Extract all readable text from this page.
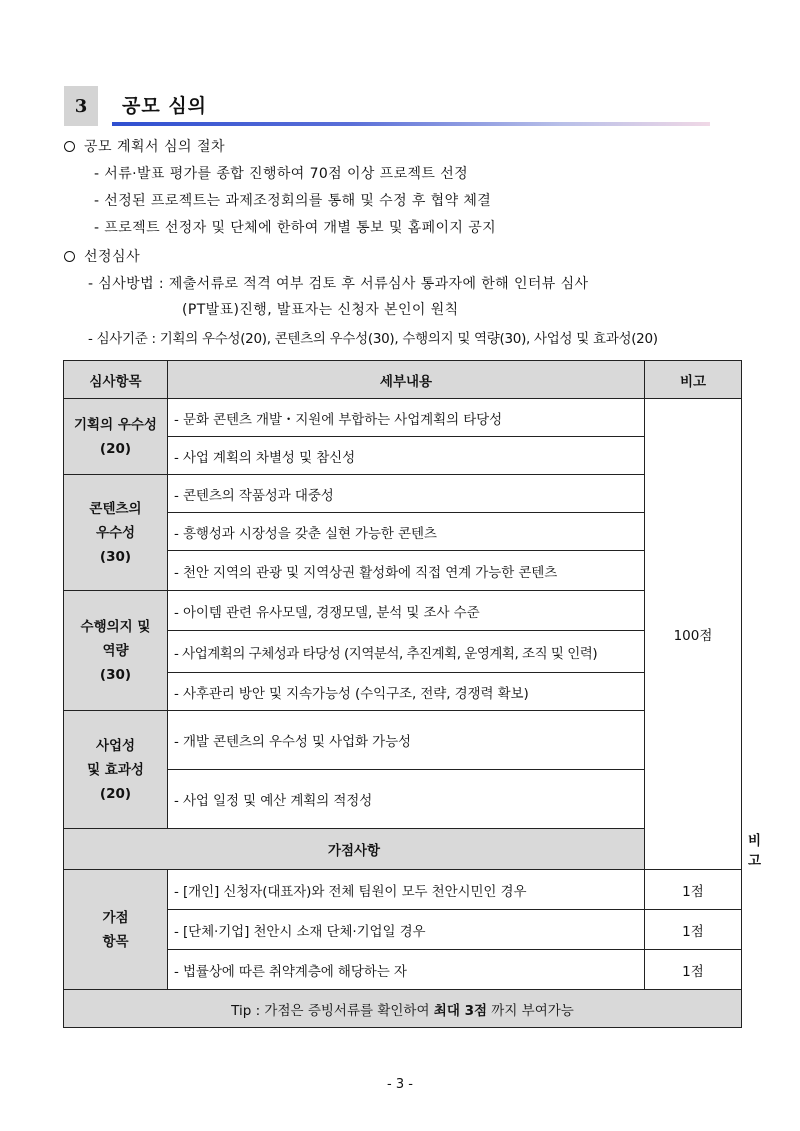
3	공모 심의
공모 계획서 심의 절차
- 서류·발표 평가를 종합 진행하여 70점 이상 프로젝트 선정
- 선정된 프로젝트는 과제조정회의를 통해 및 수정 후 협약 체결
- 프로젝트 선정자 및 단체에 한하여 개별 통보 및 홈페이지 공지
선정심사
- 심사방법 : 제출서류로 적격 여부 검토 후 서류심사 통과자에 한해 인터뷰 심사
(PT발표)진행, 발표자는 신청자 본인이 원칙
- 심사기준 : 기획의 우수성(20), 콘텐츠의 우수성(30), 수행의지 및 역량(30), 사업성 및 효과성(20)
심사항목	세부내용	비고	

기획의 우수성
(20)	- 문화 콘텐츠 개발・지원에 부합하는 사업계획의 타당성	100점	
	- 사업 계획의 차별성 및 참신성		

콘텐츠의
우수성
(30)	- 콘텐츠의 작품성과 대중성		
	- 흥행성과 시장성을 갖춘 실현 가능한 콘텐츠		
	- 천안 지역의 관광 및 지역상권 활성화에 직접 연계 가능한 콘텐츠		

수행의지 및
역량
(30)	- 아이템 관련 유사모델, 경쟁모델, 분석 및 조사 수준		
	- 사업계획의 구체성과 타당성 (지역분석, 추진계획, 운영계획, 조직 및 인력)		
	- 사후관리 방안 및 지속가능성 (수익구조, 전략, 경쟁력 확보)		

사업성
및 효과성
(20)	- 개발 콘텐츠의 우수성 및 사업화 가능성		
	- 사업 일정 및 예산 계획의 적정성		
가점사항			비고

가점
항목	- [개인] 신청자(대표자)와 전체 팀원이 모두 천안시민인 경우	1점	
	- [단체·기업] 천안시 소재 단체·기업일 경우	1점	
	- 법률상에 따른 취약계층에 해당하는 자	1점	
Tip : 가점은 증빙서류를 확인하여 최대 3점 까지 부여가능			
- 3 -
